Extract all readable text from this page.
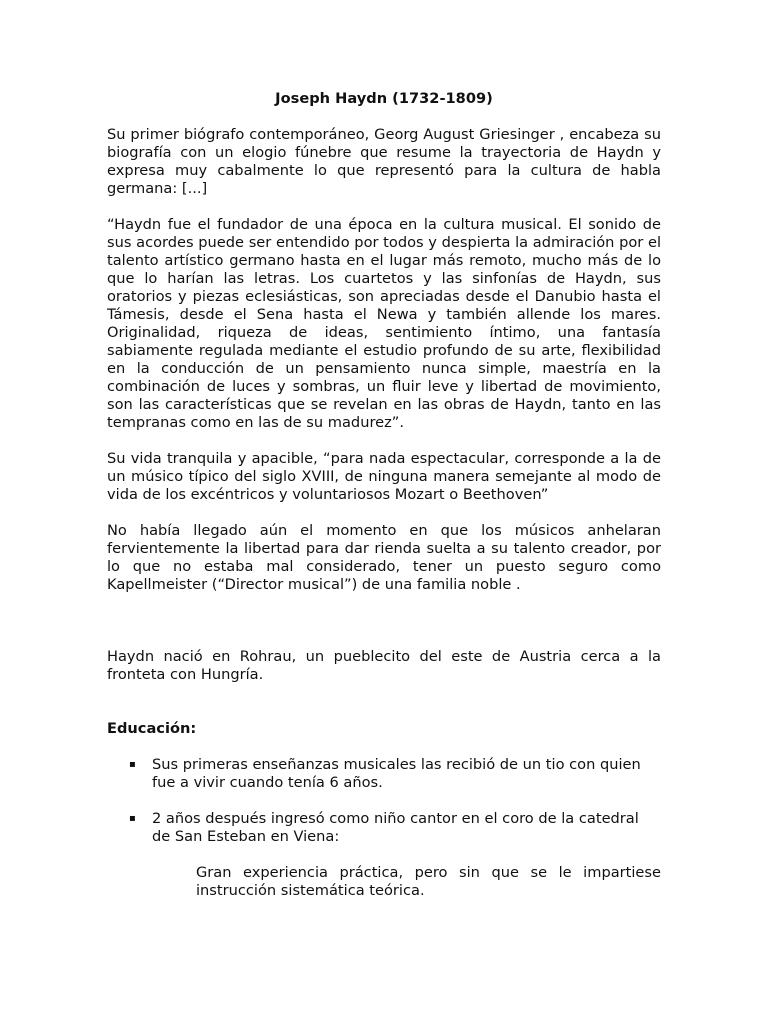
Joseph Haydn (1732-1809)

Su primer biógrafo contemporáneo, Georg August Griesinger , encabeza su biografía con un elogio fúnebre que resume la trayectoria de Haydn y expresa muy cabalmente lo que representó para la cultura de habla germana: [...]

“Haydn fue el fundador de una época en la cultura musical. El sonido de sus acordes puede ser entendido por todos y despierta la admiración por el talento artístico germano hasta en el lugar más remoto, mucho más de lo que lo harían las letras. Los cuartetos y las sinfonías de Haydn, sus oratorios y piezas eclesiásticas, son apreciadas desde el Danubio hasta el Támesis, desde el Sena hasta el Newa y también allende los mares. Originalidad, riqueza de ideas, sentimiento íntimo, una fantasía sabiamente regulada mediante el estudio profundo de su arte, flexibilidad en la conducción de un pensamiento nunca simple, maestría en la combinación de luces y sombras, un fluir leve y libertad de movimiento, son las características que se revelan en las obras de Haydn, tanto en las tempranas como en las de su madurez”.

Su vida tranquila y apacible, “para nada espectacular, corresponde a la de un músico típico del siglo XVIII, de ninguna manera semejante al modo de vida de los excéntricos y voluntariosos Mozart o Beethoven”

No había llegado aún el momento en que los músicos anhelaran fervientemente la libertad para dar rienda suelta a su talento creador, por lo que no estaba mal considerado, tener un puesto seguro como Kapellmeister (“Director musical”) de una familia noble .

Haydn nació en Rohrau, un pueblecito del este de Austria cerca a la fronteta con Hungría.

Educación:
▪ Sus primeras enseñanzas musicales las recibió de un tio con quien fue a vivir cuando tenía 6 años.
▪ 2 años después ingresó como niño cantor en el coro de la catedral de San Esteban en Viena:

Gran experiencia práctica, pero sin que se le impartiese instrucción sistemática teórica.
